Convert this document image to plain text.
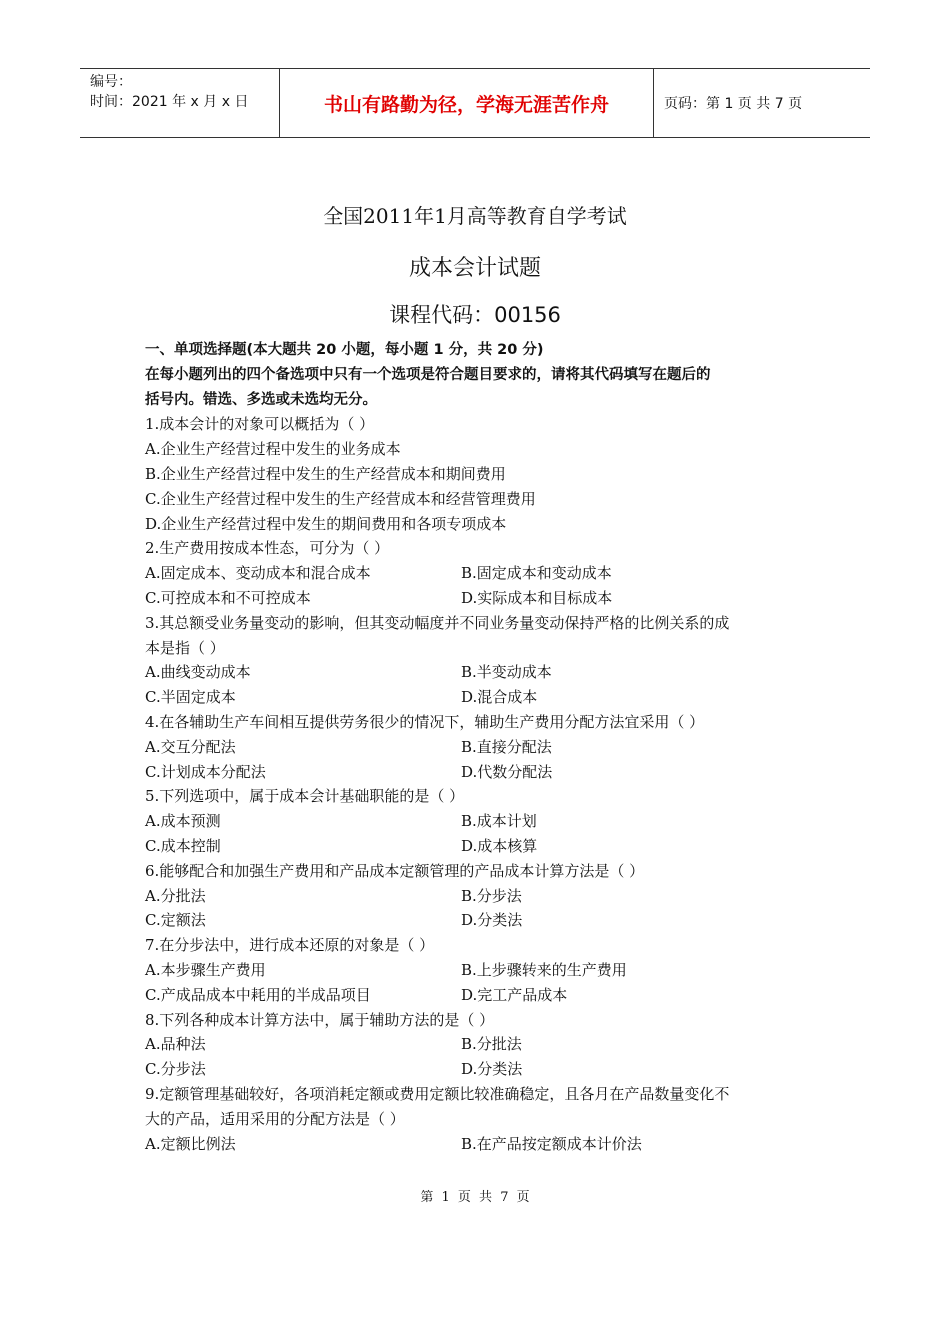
编号：
时间：2021 年 x 月 x 日	书山有路勤为径，学海无涯苦作舟	页码：第 1 页 共 7 页
全国2011年1月高等教育自学考试
成本会计试题
课程代码：00156
一、单项选择题(本大题共 20 小题，每小题 1 分，共 20 分)
在每小题列出的四个备选项中只有一个选项是符合题目要求的，请将其代码填写在题后的
括号内。错选、多选或未选均无分。
1.成本会计的对象可以概括为（ ）
A.企业生产经营过程中发生的业务成本
B.企业生产经营过程中发生的生产经营成本和期间费用
C.企业生产经营过程中发生的生产经营成本和经营管理费用
D.企业生产经营过程中发生的期间费用和各项专项成本
2.生产费用按成本性态，可分为（ ）
A.固定成本、变动成本和混合成本	B.固定成本和变动成本
C.可控成本和不可控成本	D.实际成本和目标成本
3.其总额受业务量变动的影响，但其变动幅度并不同业务量变动保持严格的比例关系的成
本是指（ ）
A.曲线变动成本	B.半变动成本
C.半固定成本	D.混合成本
4.在各辅助生产车间相互提供劳务很少的情况下，辅助生产费用分配方法宜采用（ ）
A.交互分配法	B.直接分配法
C.计划成本分配法	D.代数分配法
5.下列选项中，属于成本会计基础职能的是（ ）
A.成本预测	B.成本计划
C.成本控制	D.成本核算
6.能够配合和加强生产费用和产品成本定额管理的产品成本计算方法是（ ）
A.分批法	B.分步法
C.定额法	D.分类法
7.在分步法中，进行成本还原的对象是（ ）
A.本步骤生产费用	B.上步骤转来的生产费用
C.产成品成本中耗用的半成品项目	D.完工产品成本
8.下列各种成本计算方法中，属于辅助方法的是（ ）
A.品种法	B.分批法
C.分步法	D.分类法
9.定额管理基础较好，各项消耗定额或费用定额比较准确稳定，且各月在产品数量变化不
大的产品，适用采用的分配方法是（ ）
A.定额比例法	B.在产品按定额成本计价法
第 1 页 共 7 页
